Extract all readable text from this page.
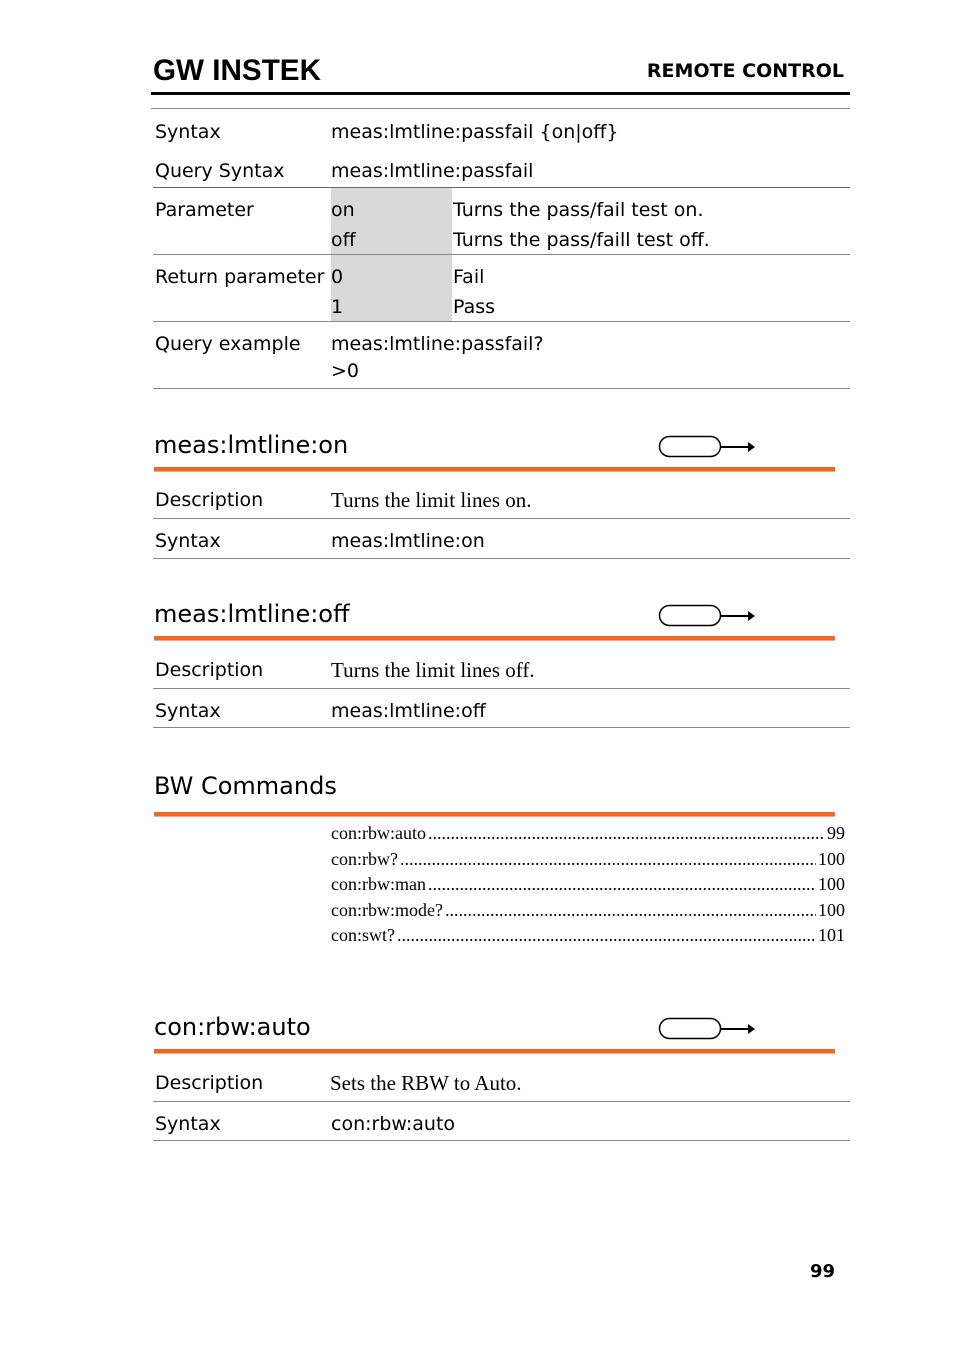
GW INSTEK	REMOTE CONTROL
Syntax	meas:lmtline:passfail {on|off}
Query Syntax meas:lmtline:passfail
Parameter	on	Turns the pass/fail test on.
off	Turns the pass/faill test off.
Return parameter 0	Fail
1	Pass
Query example meas:lmtline:passfail?
>0
meas:lmtline:on
Description	Turns the limit lines on.
Syntax	meas:lmtline:on
meas:lmtline:off
Description	Turns the limit lines off.
Syntax	meas:lmtline:off
BW Commands
con:rbw:auto .....	99
con:rbw? .....	100
con:rbw:man .....	100
con:rbw:mode? .....	100
con:swt? .....	101
con:rbw:auto
Description	Sets the RBW to Auto.
Syntax	con:rbw:auto
99
